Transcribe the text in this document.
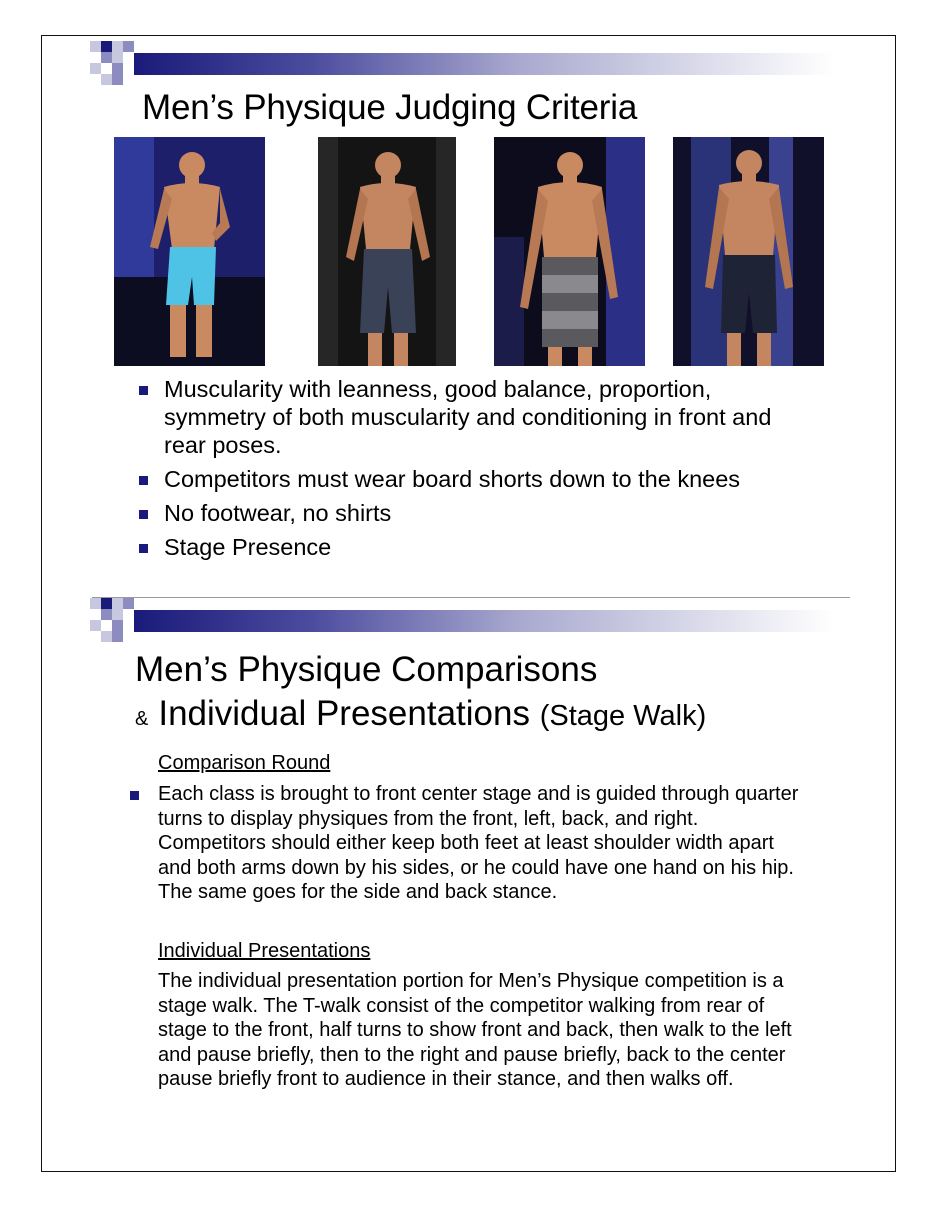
Men’s Physique Judging Criteria
Muscularity with leanness, good balance, proportion, symmetry of both muscularity and conditioning in front and rear poses.
Competitors must wear board shorts down to the knees
No footwear, no shirts
Stage Presence
Men’s Physique Comparisons
& Individual Presentations (Stage Walk)
Comparison Round
Each class is brought to front center stage and is guided through quarter turns to display physiques from the front, left, back, and right. Competitors should either keep both feet at least shoulder width apart and both arms down by his sides, or he could have one hand on his hip. The same goes for the side and back stance.
Individual Presentations
The individual presentation portion for Men’s Physique competition is a stage walk. The T-walk consist of the competitor walking from rear of stage to the front, half turns to show front and back, then walk to the left and pause briefly, then to the right and pause briefly, back to the center pause briefly front to audience in their stance, and then walks off.
